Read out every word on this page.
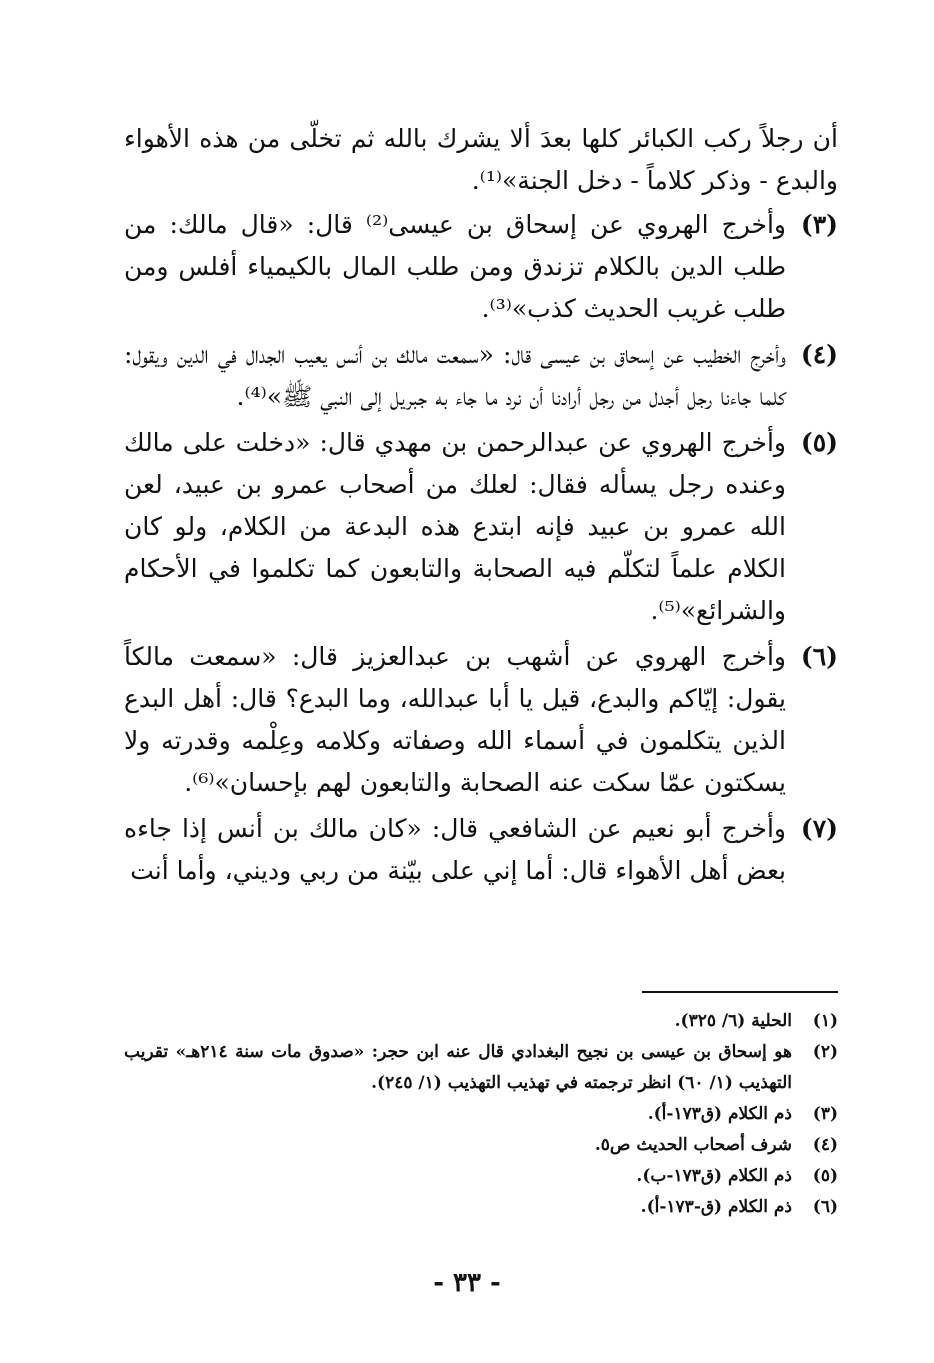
أن رجلاً ركب الكبائر كلها بعدَ ألا يشرك بالله ثم تخلّى من هذه الأهواء والبدع - وذكر كلاماً - دخل الجنة»⁽¹⁾.

(٣)
وأخرج الهروي عن إسحاق بن عيسى⁽²⁾ قال: «قال مالك: من طلب الدين بالكلام تزندق ومن طلب المال بالكيمياء أفلس ومن طلب غريب الحديث كذب»⁽³⁾.
(٤)
وأخرج الخطيب عن إسحاق بن عيسى قال: «سمعت مالك بن أنس يعيب الجدال في الدين ويقول: كلما جاءنا رجل أجدل من رجل أرادنا أن نرد ما جاء به جبريل إلى النبي ﷺ»⁽⁴⁾.
(٥)
وأخرج الهروي عن عبدالرحمن بن مهدي قال: «دخلت على مالك وعنده رجل يسأله فقال: لعلك من أصحاب عمرو بن عبيد، لعن الله عمرو بن عبيد فإنه ابتدع هذه البدعة من الكلام، ولو كان الكلام علماً لتكلّم فيه الصحابة والتابعون كما تكلموا في الأحكام والشرائع»⁽⁵⁾.
(٦)
وأخرج الهروي عن أشهب بن عبدالعزيز قال: «سمعت مالكاً يقول: إيّاكم والبدع، قيل يا أبا عبدالله، وما البدع؟ قال: أهل البدع الذين يتكلمون في أسماء الله وصفاته وكلامه وعِلْمه وقدرته ولا يسكتون عمّا سكت عنه الصحابة والتابعون لهم بإحسان»⁽⁶⁾.
(٧)
وأخرج أبو نعيم عن الشافعي قال: «كان مالك بن أنس إذا جاءه بعض أهل الأهواء قال: أما إني على بيّنة من ربي وديني، وأما أنت
(١)
الحلية (٦/ ٣٢٥).
(٢)
هو إسحاق بن عيسى بن نجيح البغدادي قال عنه ابن حجر: «صدوق مات سنة ٢١٤هـ» تقريب التهذيب (١/ ٦٠) انظر ترجمته في تهذيب التهذيب (١/ ٢٤٥).
(٣)
ذم الكلام (ق١٧٣-أ).
(٤)
شرف أصحاب الحديث ص٥.
(٥)
ذم الكلام (ق١٧٣-ب).
(٦)
ذم الكلام (ق-١٧٣-أ).
- ٣٣ -
